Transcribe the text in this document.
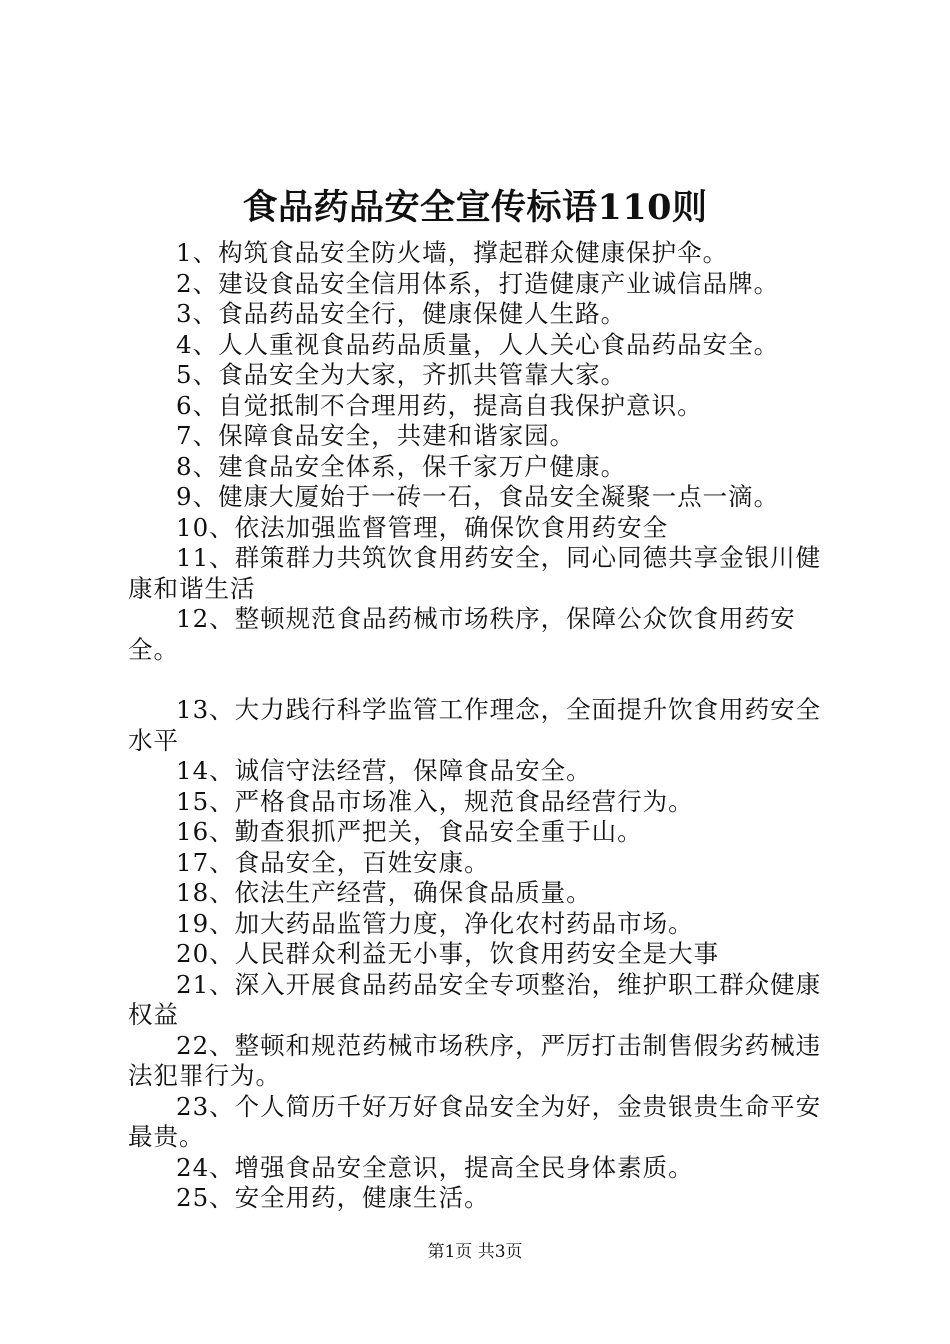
食品药品安全宣传标语110则

1、构筑食品安全防火墙，撑起群众健康保护伞。

2、建设食品安全信用体系，打造健康产业诚信品牌。

3、食品药品安全行，健康保健人生路。

4、人人重视食品药品质量，人人关心食品药品安全。

5、食品安全为大家，齐抓共管靠大家。

6、自觉抵制不合理用药，提高自我保护意识。

7、保障食品安全，共建和谐家园。

8、建食品安全体系，保千家万户健康。

9、健康大厦始于一砖一石，食品安全凝聚一点一滴。

10、依法加强监督管理，确保饮食用药安全

11、群策群力共筑饮食用药安全，同心同德共享金银川健康和谐生活

12、整顿规范食品药械市场秩序，保障公众饮食用药安全。

13、大力践行科学监管工作理念，全面提升饮食用药安全水平

14、诚信守法经营，保障食品安全。

15、严格食品市场准入，规范食品经营行为。

16、勤查狠抓严把关，食品安全重于山。

17、食品安全，百姓安康。

18、依法生产经营，确保食品质量。

19、加大药品监管力度，净化农村药品市场。

20、人民群众利益无小事，饮食用药安全是大事

21、深入开展食品药品安全专项整治，维护职工群众健康权益

22、整顿和规范药械市场秩序，严厉打击制售假劣药械违法犯罪行为。

23、个人简历千好万好食品安全为好，金贵银贵生命平安最贵。

24、增强食品安全意识，提高全民身体素质。

25、安全用药，健康生活。

第1页 共3页
